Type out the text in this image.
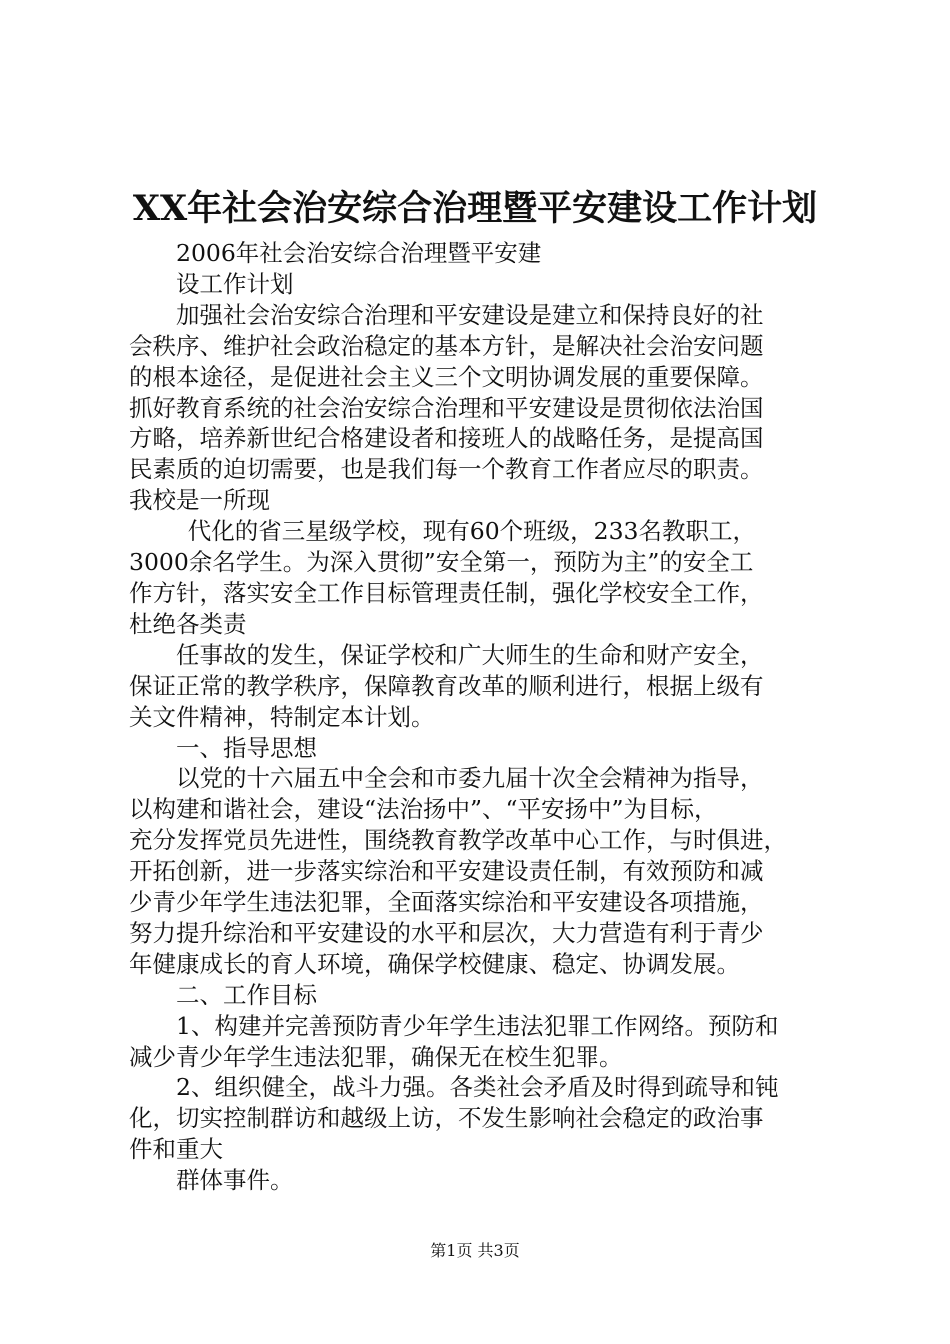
XX年社会治安综合治理暨平安建设工作计划

2006年社会治安综合治理暨平安建

设工作计划

加强社会治安综合治理和平安建设是建立和保持良好的社

会秩序、维护社会政治稳定的基本方针，是解决社会治安问题

的根本途径，是促进社会主义三个文明协调发展的重要保障。

抓好教育系统的社会治安综合治理和平安建设是贯彻依法治国

方略，培养新世纪合格建设者和接班人的战略任务，是提高国

民素质的迫切需要，也是我们每一个教育工作者应尽的职责。

我校是一所现

代化的省三星级学校，现有60个班级，233名教职工，

3000余名学生。为深入贯彻”安全第一，预防为主”的安全工

作方针，落实安全工作目标管理责任制，强化学校安全工作，

杜绝各类责

任事故的发生，保证学校和广大师生的生命和财产安全，

保证正常的教学秩序，保障教育改革的顺利进行，根据上级有

关文件精神，特制定本计划。

一、指导思想

以党的十六届五中全会和市委九届十次全会精神为指导，

以构建和谐社会，建设“法治扬中”、“平安扬中”为目标，

充分发挥党员先进性，围绕教育教学改革中心工作，与时俱进，

开拓创新，进一步落实综治和平安建设责任制，有效预防和减

少青少年学生违法犯罪，全面落实综治和平安建设各项措施，

努力提升综治和平安建设的水平和层次，大力营造有利于青少

年健康成长的育人环境，确保学校健康、稳定、协调发展。

二、工作目标

1、构建并完善预防青少年学生违法犯罪工作网络。预防和

减少青少年学生违法犯罪，确保无在校生犯罪。

2、组织健全，战斗力强。各类社会矛盾及时得到疏导和钝

化，切实控制群访和越级上访，不发生影响社会稳定的政治事

件和重大

群体事件。

第1页 共3页
